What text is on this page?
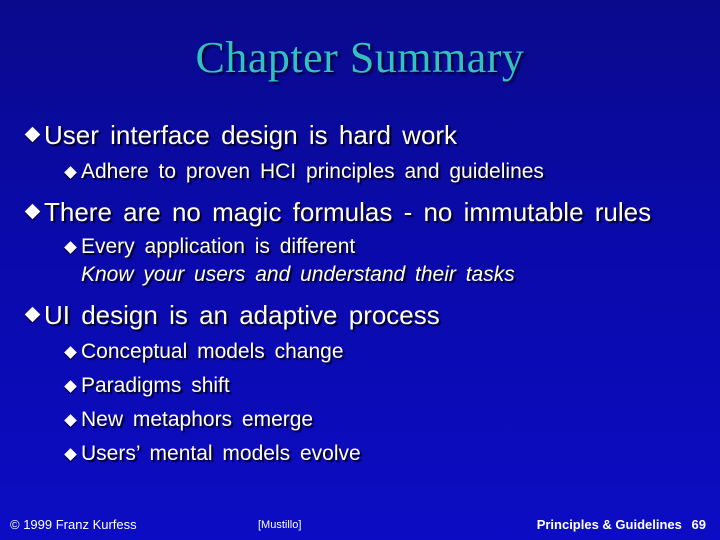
Chapter Summary
User interface design is hard work
Adhere to proven HCI principles and guidelines
There are no magic formulas - no immutable rules
Every application is different
Know your users and understand their tasks
UI design is an adaptive process
Conceptual models change
Paradigms shift
New metaphors emerge
Users’ mental models evolve
© 1999 Franz Kurfess	[Mustillo]	Principles & Guidelines 69
